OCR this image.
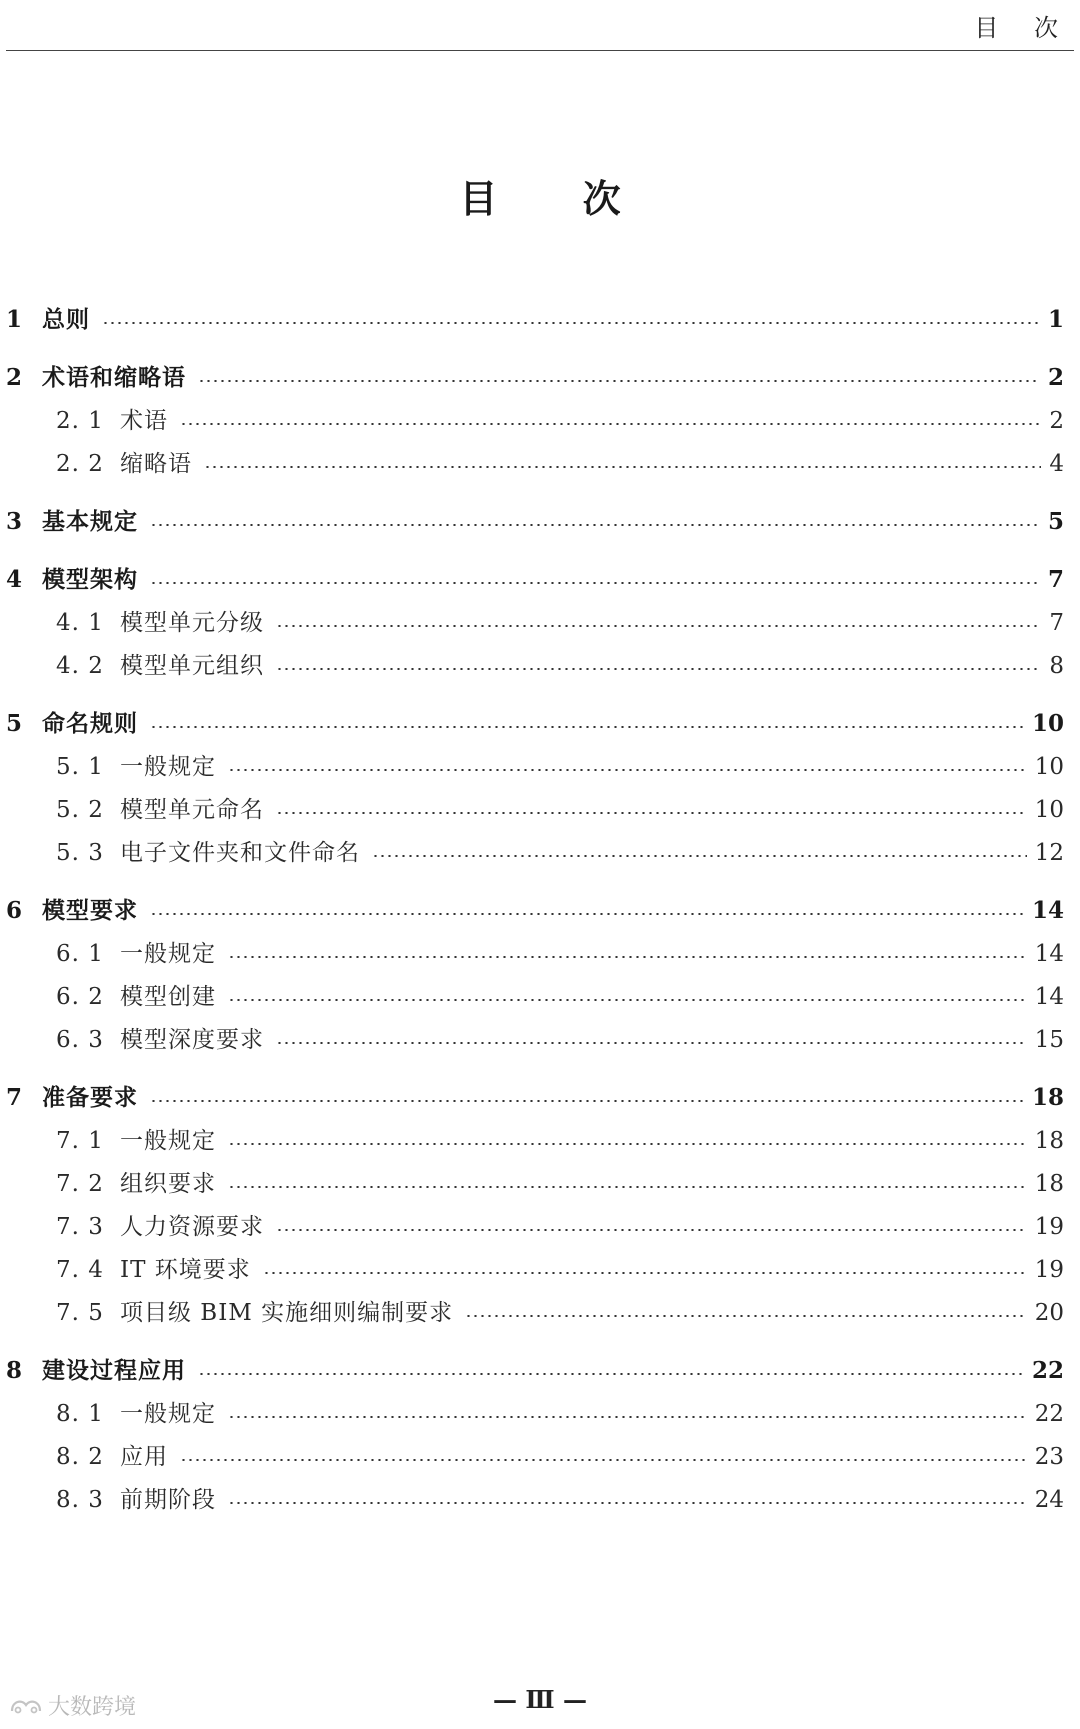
目 次
目 次
1 总则	1
2 术语和缩略语	2
2. 1 术语	2
2. 2 缩略语	4
3 基本规定	5
4 模型架构	7
4. 1 模型单元分级	7
4. 2 模型单元组织	8
5 命名规则	10
5. 1 一般规定	10
5. 2 模型单元命名	10
5. 3 电子文件夹和文件命名	12
6 模型要求	14
6. 1 一般规定	14
6. 2 模型创建	14
6. 3 模型深度要求	15
7 准备要求	18
7. 1 一般规定	18
7. 2 组织要求	18
7. 3 人力资源要求	19
7. 4 IT 环境要求	19
7. 5 项目级 BIM 实施细则编制要求	20
8 建设过程应用	22
8. 1 一般规定	22
8. 2 应用	23
8. 3 前期阶段	24
— Ⅲ —
大数跨境
